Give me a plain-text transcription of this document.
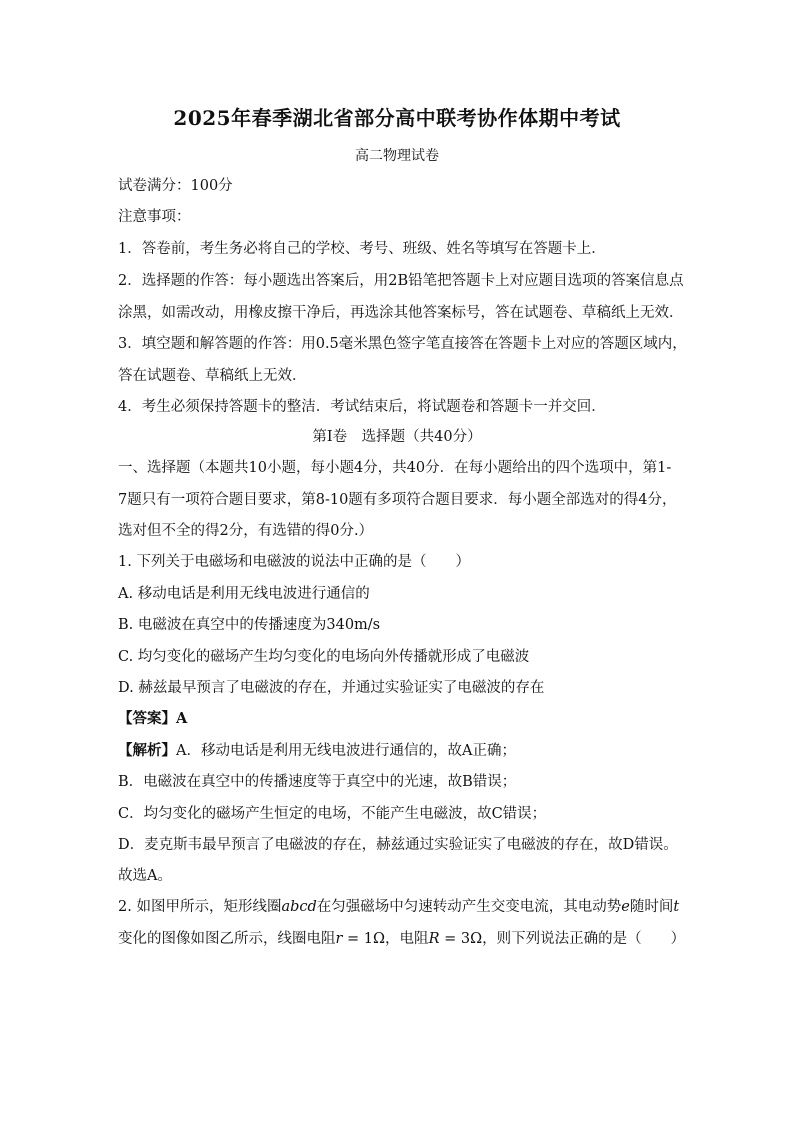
2025年春季湖北省部分高中联考协作体期中考试
高二物理试卷
试卷满分：100分
注意事项：
1．答卷前，考生务必将自己的学校、考号、班级、姓名等填写在答题卡上．
2．选择题的作答：每小题选出答案后，用2B铅笔把答题卡上对应题目选项的答案信息点
涂黑，如需改动，用橡皮擦干净后，再选涂其他答案标号，答在试题卷、草稿纸上无效．
3．填空题和解答题的作答：用0.5毫米黑色签字笔直接答在答题卡上对应的答题区域内，
答在试题卷、草稿纸上无效．
4．考生必须保持答题卡的整洁．考试结束后，将试题卷和答题卡一并交回．
第Ⅰ卷　选择题（共40分）
一、选择题（本题共10小题，每小题4分，共40分．在每小题给出的四个选项中，第1-
7题只有一项符合题目要求，第8-10题有多项符合题目要求．每小题全部选对的得4分，
选对但不全的得2分，有选错的得0分.）
1. 下列关于电磁场和电磁波的说法中正确的是（　　）
A. 移动电话是利用无线电波进行通信的
B. 电磁波在真空中的传播速度为340m/s
C. 均匀变化的磁场产生均匀变化的电场向外传播就形成了电磁波
D. 赫兹最早预言了电磁波的存在，并通过实验证实了电磁波的存在
【答案】A
【解析】A．移动电话是利用无线电波进行通信的，故A正确；
B．电磁波在真空中的传播速度等于真空中的光速，故B错误；
C．均匀变化的磁场产生恒定的电场，不能产生电磁波，故C错误；
D．麦克斯韦最早预言了电磁波的存在，赫兹通过实验证实了电磁波的存在，故D错误。
故选A。
2. 如图甲所示，矩形线圈abcd在匀强磁场中匀速转动产生交变电流，其电动势e随时间t
变化的图像如图乙所示，线圈电阻r = 1Ω，电阻R = 3Ω，则下列说法正确的是（　　）
